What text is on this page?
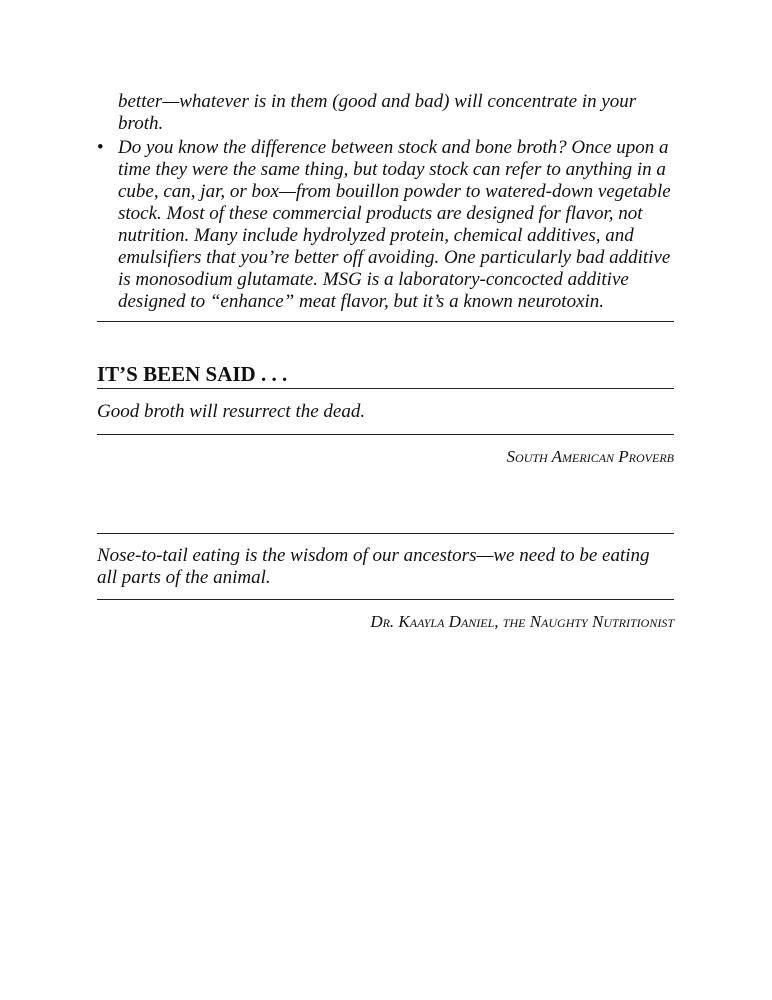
better—whatever is in them (good and bad) will concentrate in your broth.
• Do you know the difference between stock and bone broth? Once upon a time they were the same thing, but today stock can refer to anything in a cube, can, jar, or box—from bouillon powder to watered-down vegetable stock. Most of these commercial products are designed for flavor, not nutrition. Many include hydrolyzed protein, chemical additives, and emulsifiers that you’re better off avoiding. One particularly bad additive is monosodium glutamate. MSG is a laboratory-concocted additive designed to “enhance” meat flavor, but it’s a known neurotoxin.
IT’S BEEN SAID . . .
Good broth will resurrect the dead.
South American Proverb
Nose-to-tail eating is the wisdom of our ancestors—we need to be eating all parts of the animal.
Dr. Kaayla Daniel, the Naughty Nutritionist
